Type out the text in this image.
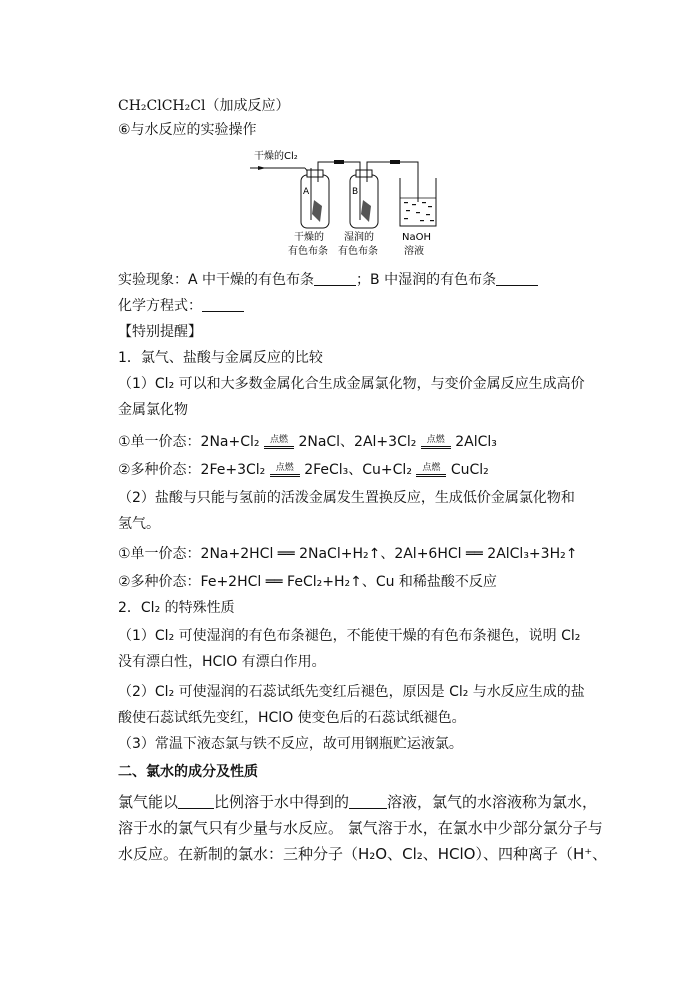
CH₂ClCH₂Cl（加成反应）
⑥与水反应的实验操作
干燥的Cl₂
A	B
干燥的
有色布条
湿润的
有色布条
NaOH
溶液
实验现象：A 中干燥的有色布条	；B 中湿润的有色布条
化学方程式：
【特别提醒】
1．氯气、盐酸与金属反应的比较
（1）Cl₂ 可以和大多数金属化合生成金属氯化物，与变价金属反应生成高价
金属氯化物
①单一价态：2Na+Cl₂	点燃 2NaCl、2Al+3Cl₂	点燃 2AlCl₃
②多种价态：2Fe+3Cl₂	点燃 2FeCl₃、Cu+Cl₂	点燃 CuCl₂
（2）盐酸与只能与氢前的活泼金属发生置换反应，生成低价金属氯化物和
氢气。
①单一价态：2Na+2HCl ══ 2NaCl+H₂↑、2Al+6HCl ══ 2AlCl₃+3H₂↑
②多种价态：Fe+2HCl ══ FeCl₂+H₂↑、Cu 和稀盐酸不反应
2．Cl₂ 的特殊性质
（1）Cl₂ 可使湿润的有色布条褪色，不能使干燥的有色布条褪色，说明 Cl₂
没有漂白性，HClO 有漂白作用。
（2）Cl₂ 可使湿润的石蕊试纸先变红后褪色，原因是 Cl₂ 与水反应生成的盐
酸使石蕊试纸先变红，HClO 使变色后的石蕊试纸褪色。
（3）常温下液态氯与铁不反应，故可用钢瓶贮运液氯。
二、氯水的成分及性质
氯气能以 比例溶于水中得到的	溶液，氯气的水溶液称为氯水，
溶于水的氯气只有少量与水反应。 氯气溶于水，在氯水中少部分氯分子与
水反应。在新制的氯水：三种分子（H₂O、Cl₂、HClO）、四种离子（H⁺、
